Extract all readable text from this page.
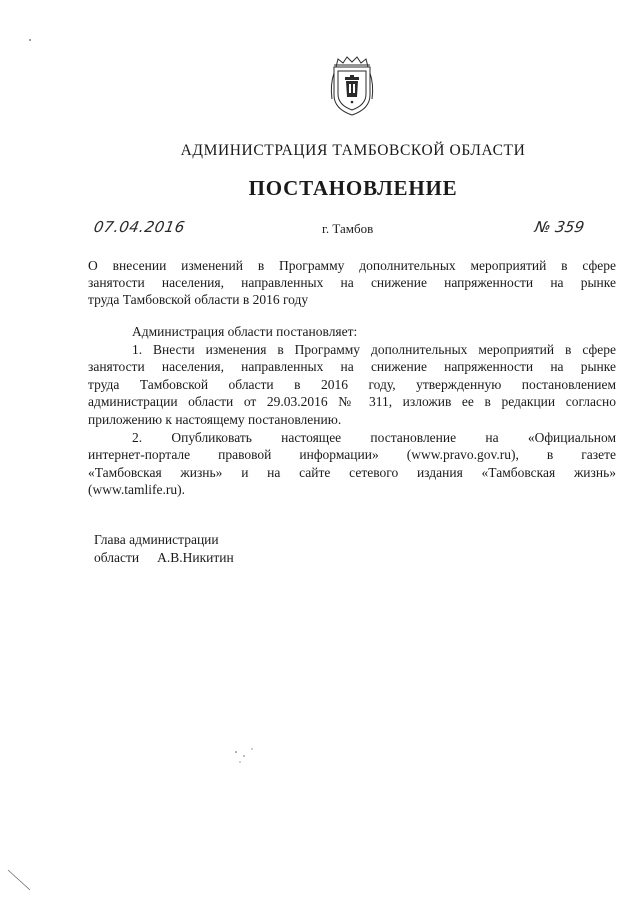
АДМИНИСТРАЦИЯ ТАМБОВСКОЙ ОБЛАСТИ
ПОСТАНОВЛЕНИЕ
07.04.2016	г. Тамбов	№ 359
О внесении изменений в Программу дополнительных мероприятий в сфере
занятости населения, направленных на снижение напряженности на рынке
труда Тамбовской области в 2016 году
Администрация области постановляет:
1. Внести изменения в Программу дополнительных мероприятий в сфере
занятости населения, направленных на снижение напряженности на рынке
труда Тамбовской области в 2016 году, утвержденную постановлением
администрации области от 29.03.2016 № 311, изложив ее в редакции согласно
приложению к настоящему постановлению.
2. Опубликовать настоящее постановление на «Официальном
интернет-портале правовой информации» (www.pravo.gov.ru), в газете
«Тамбовская жизнь» и на сайте сетевого издания «Тамбовская жизнь»
(www.tamlife.ru).
Глава администрации
области А.В.Никитин
